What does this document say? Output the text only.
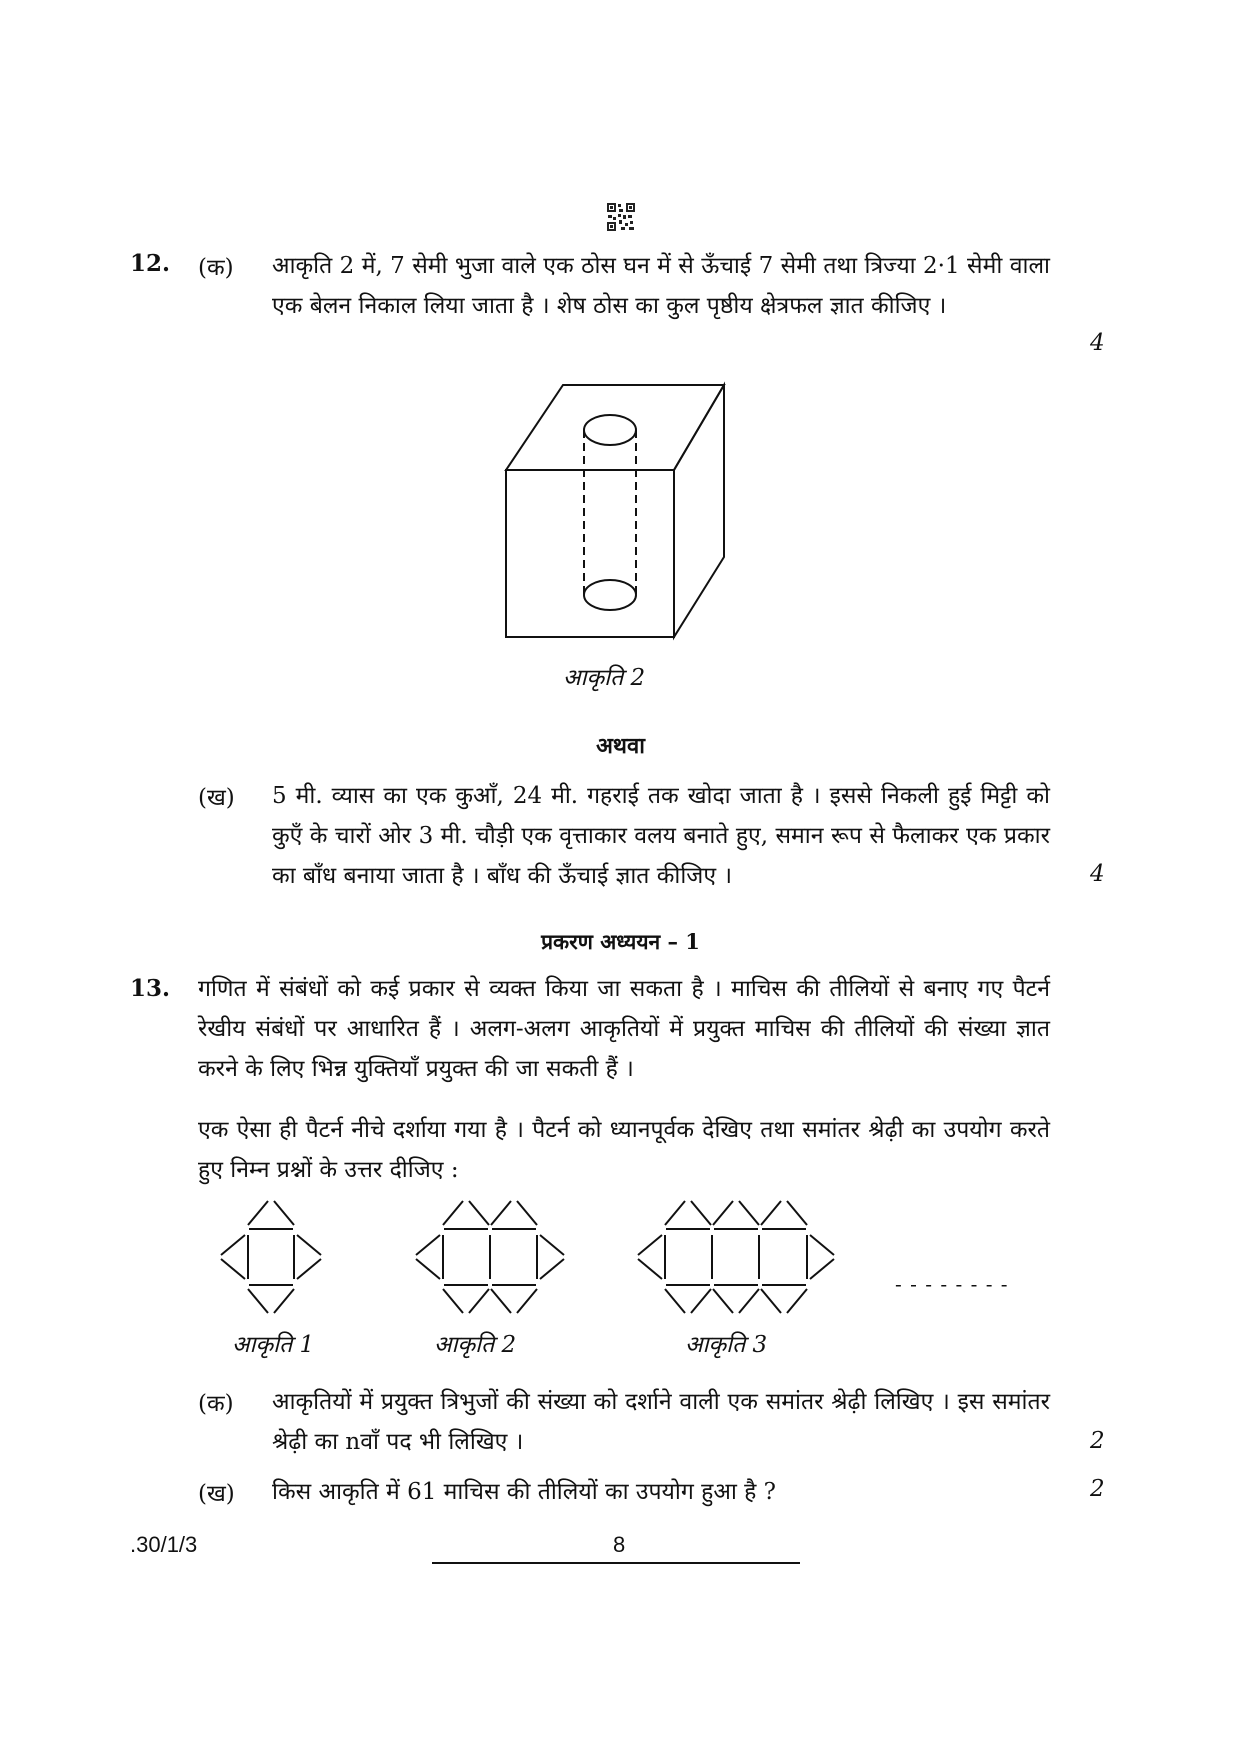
12. (क) आकृति 2 में, 7 सेमी भुजा वाले एक ठोस घन में से ऊँचाई 7 सेमी तथा त्रिज्या 2·1 सेमी वाला एक बेलन निकाल लिया जाता है । शेष ठोस का कुल पृष्ठीय क्षेत्रफल ज्ञात कीजिए ।
4
आकृति 2
अथवा
(ख) 5 मी. व्यास का एक कुआँ, 24 मी. गहराई तक खोदा जाता है । इससे निकली हुई मिट्टी को कुएँ के चारों ओर 3 मी. चौड़ी एक वृत्ताकार वलय बनाते हुए, समान रूप से फैलाकर एक प्रकार का बाँध बनाया जाता है । बाँध की ऊँचाई ज्ञात कीजिए ।	4
प्रकरण अध्ययन – 1
13. गणित में संबंधों को कई प्रकार से व्यक्त किया जा सकता है । माचिस की तीलियों से बनाए गए पैटर्न रेखीय संबंधों पर आधारित हैं । अलग-अलग आकृतियों में प्रयुक्त माचिस की तीलियों की संख्या ज्ञात करने के लिए भिन्न युक्तियाँ प्रयुक्त की जा सकती हैं ।
एक ऐसा ही पैटर्न नीचे दर्शाया गया है । पैटर्न को ध्यानपूर्वक देखिए तथा समांतर श्रेढ़ी का उपयोग करते हुए निम्न प्रश्नों के उत्तर दीजिए :
- - - - - - - -
आकृति 1	आकृति 2	आकृति 3
(क) आकृतियों में प्रयुक्त त्रिभुजों की संख्या को दर्शाने वाली एक समांतर श्रेढ़ी लिखिए । इस समांतर श्रेढ़ी का nवाँ पद भी लिखिए ।	2
(ख) किस आकृति में 61 माचिस की तीलियों का उपयोग हुआ है ?	2
.30/1/3	8
